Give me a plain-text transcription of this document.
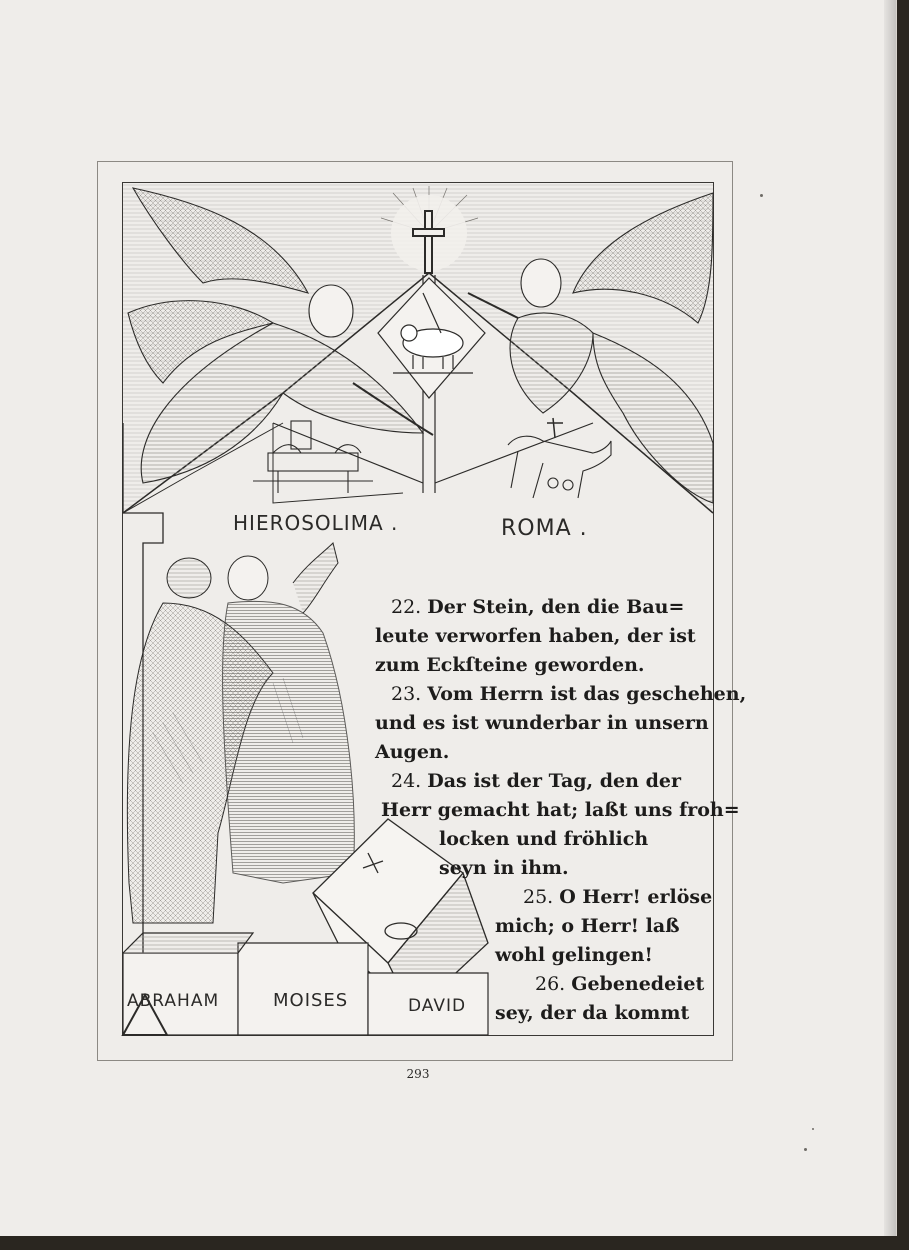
HIEROSOLIMA .	ROMA .
ABRAHAM	MOISES	DAVID
22. Der Stein, den die Bau=
leute verworfen haben, der ist
zum Eckſteine geworden.
23. Vom Herrn ist das geschehen,
und es ist wunderbar in unsern
Augen.
24. Das ist der Tag, den der
Herr gemacht hat; laßt uns froh=
locken und fröhlich
seyn in ihm.
25. O Herr! erlöse
mich; o Herr! laß
wohl gelingen!
26. Gebenedeiet
sey, der da kommt
293
